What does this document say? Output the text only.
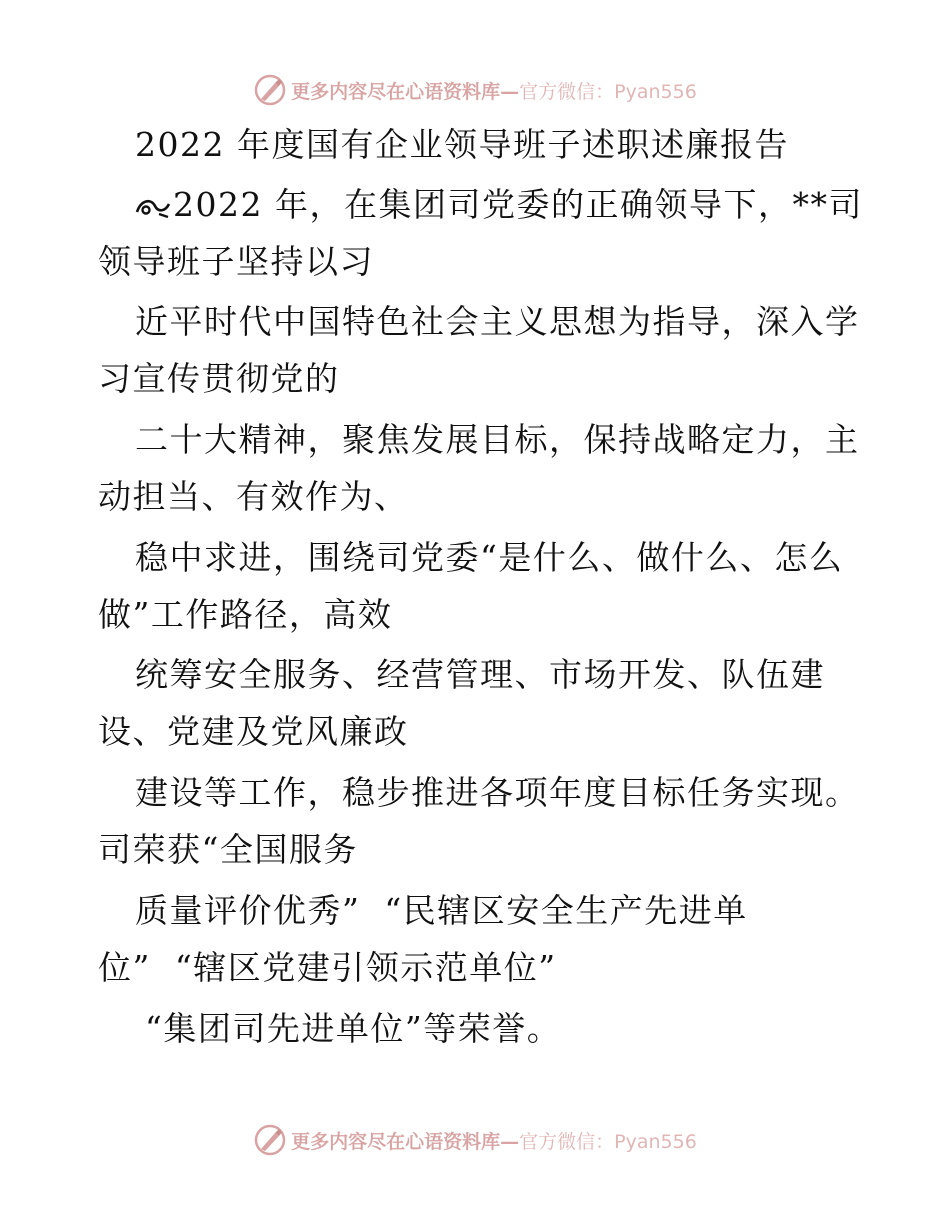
更多内容尽在心语资料库— 官方微信：Pyan556
2022 年度国有企业领导班子述职述廉报告
2022 年，在集团司党委的正确领导下，**司
领导班子坚持以习
近平时代中国特色社会主义思想为指导，深入学
习宣传贯彻党的
二十大精神，聚焦发展目标，保持战略定力，主
动担当、有效作为、
稳中求进，围绕司党委“是什么、做什么、怎么
做”工作路径，高效
统筹安全服务、经营管理、市场开发、队伍建
设、党建及党风廉政
建设等工作，稳步推进各项年度目标任务实现。
司荣获“全国服务
质量评价优秀”  “民辖区安全生产先进单
位”  “辖区党建引领示范单位”
“集团司先进单位”等荣誉。
更多内容尽在心语资料库— 官方微信：Pyan556
